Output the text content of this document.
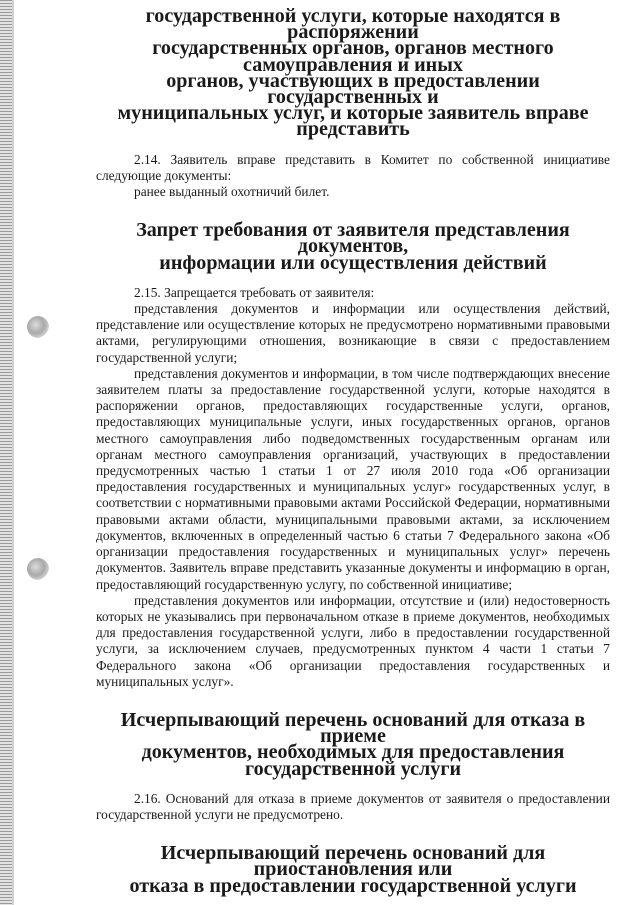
государственной услуги, которые находятся в распоряжении
государственных органов, органов местного самоуправления и иных
органов, участвующих в предоставлении государственных и
муниципальных услуг, и которые заявитель вправе представить

2.14. Заявитель вправе представить в Комитет по собственной инициативе следующие документы:

ранее выданный охотничий билет.

Запрет требования от заявителя представления документов,
информации или осуществления действий

2.15. Запрещается требовать от заявителя:

представления документов и информации или осуществления действий, представление или осуществление которых не предусмотрено нормативными правовыми актами, регулирующими отношения, возникающие в связи с предоставлением государственной услуги;

представления документов и информации, в том числе подтверждающих внесение заявителем платы за предоставление государственной услуги, которые находятся в распоряжении органов, предоставляющих государственные услуги, органов, предоставляющих муниципальные услуги, иных государственных органов, органов местного самоуправления либо подведомственных государственным органам или органам местного самоуправления организаций, участвующих в предоставлении предусмотренных частью 1 статьи 1 от 27 июля 2010 года «Об организации предоставления государственных и муниципальных услуг» государственных услуг, в соответствии с нормативными правовыми актами Российской Федерации, нормативными правовыми актами области, муниципальными правовыми актами, за исключением документов, включенных в определенный частью 6 статьи 7 Федерального закона «Об организации предоставления государственных и муниципальных услуг» перечень документов. Заявитель вправе представить указанные документы и информацию в орган, предоставляющий государственную услугу, по собственной инициативе;

представления документов или информации, отсутствие и (или) недостоверность которых не указывались при первоначальном отказе в приеме документов, необходимых для предоставления государственной услуги, либо в предоставлении государственной услуги, за исключением случаев, предусмотренных пунктом 4 части 1 статьи 7 Федерального закона «Об организации предоставления государственных и муниципальных услуг».

Исчерпывающий перечень оснований для отказа в приеме
документов, необходимых для предоставления государственной услуги

2.16. Оснований для отказа в приеме документов от заявителя о предоставлении государственной услуги не предусмотрено.

Исчерпывающий перечень оснований для приостановления или
отказа в предоставлении государственной услуги
